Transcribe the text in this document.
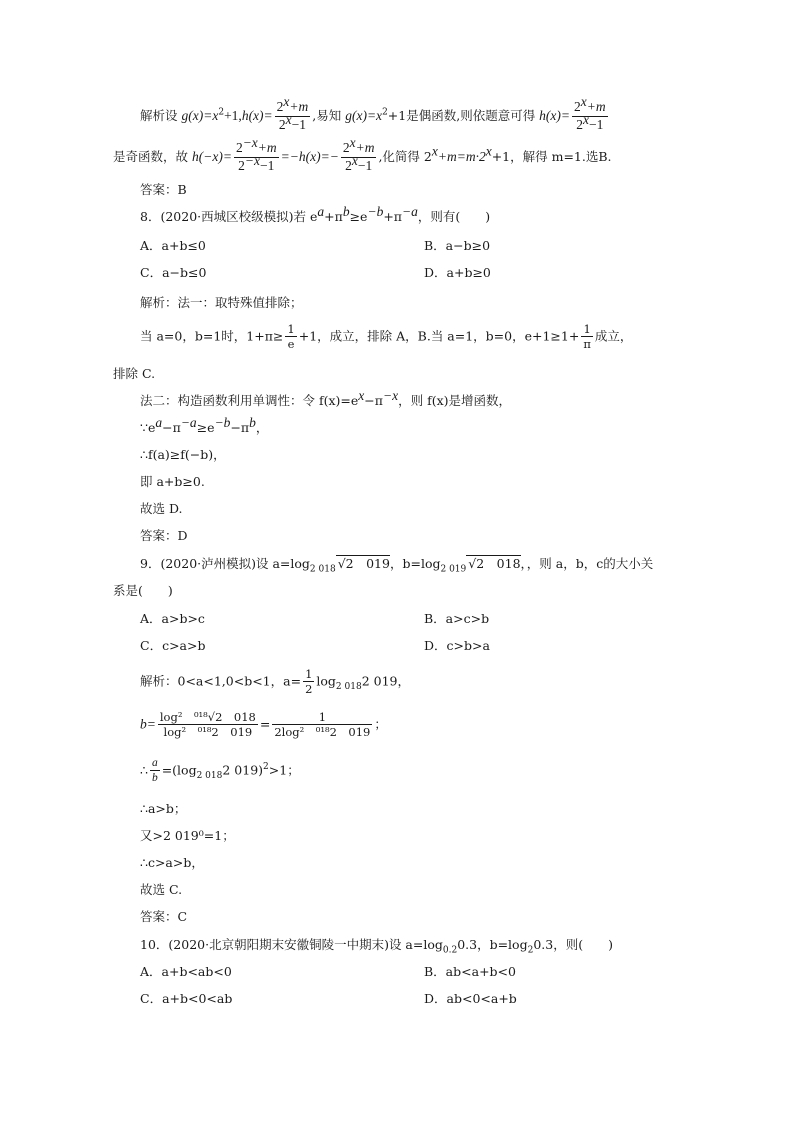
解析设 $g(x)=x^2+1,h(x)= \frac{2^x+m}{2^x-1}$ ,易知 $g(x)=x^2+1$是偶函数,则依题意可得 $h(x)= \frac{2^x+m}{2^x-1}$
是奇函数，故 $h(-x)= \frac{2^{-x}+m}{2^{-x}-1} =-h(x)=- \frac{2^x+m}{2^x-1}$ ,化简得 $2^x+m=m\cdot 2^x+1$，解得 m=1.选B.
答案：B
8．(2020·西城区校级模拟)若 $e^a+\pi^b\ge e^{-b}+\pi^{-a}$，则有(　　)
A．a+b≤0	B．a−b≥0
C．a−b≤0	D．a+b≥0
解析：法一：取特殊值排除；
当 a=0，b=1时，$1+\pi\ge \frac{1}{e} +1$，成立，排除 A，B.当 a=1，b=0，$e+1\ge 1+ \frac{1}{\pi}$ 成立，
排除 C.
法二：构造函数利用单调性：令 $f(x)=e^x-\pi^{-x}$，则 f(x)是增函数，
$\because e^a-\pi^{-a}\ge e^{-b}-\pi^b$，
∴f(a)≥f(−b)，
即 a+b≥0.
故选 D.
答案：D
9．(2020·泸州模拟)设 $a=\log_{2 018}$ √2　019，$b=\log_{2 019}$ √2　018，，则 a，b，c的大小关
系是(　　)
A．a>b>c	B．a>c>b
C．c>a>b	D．c>b>a
解析：0<a<1,0<b<1，$a= \frac{1}{2} \log_{2 018}2$ 019，
$b= \frac{\text{log²　⁰¹⁸√2　018}}{\text{log²　⁰¹⁸2　019}} = \frac{1}{\text{2log²　⁰¹⁸2　019}}$ ；
∴ $\frac{a}{b} =(\log_{2 018}2$ 019)$^2$>1；
∴a>b；
又>2 019⁰=1；
∴c>a>b，
故选 C.
答案：C
10．(2020·北京朝阳期末安徽铜陵一中期末)设 $a=\log_{0.2}0.3$，$b=\log_20.3$，则(　　)
A．a+b<ab<0	B．ab<a+b<0
C．a+b<0<ab	D．ab<0<a+b
